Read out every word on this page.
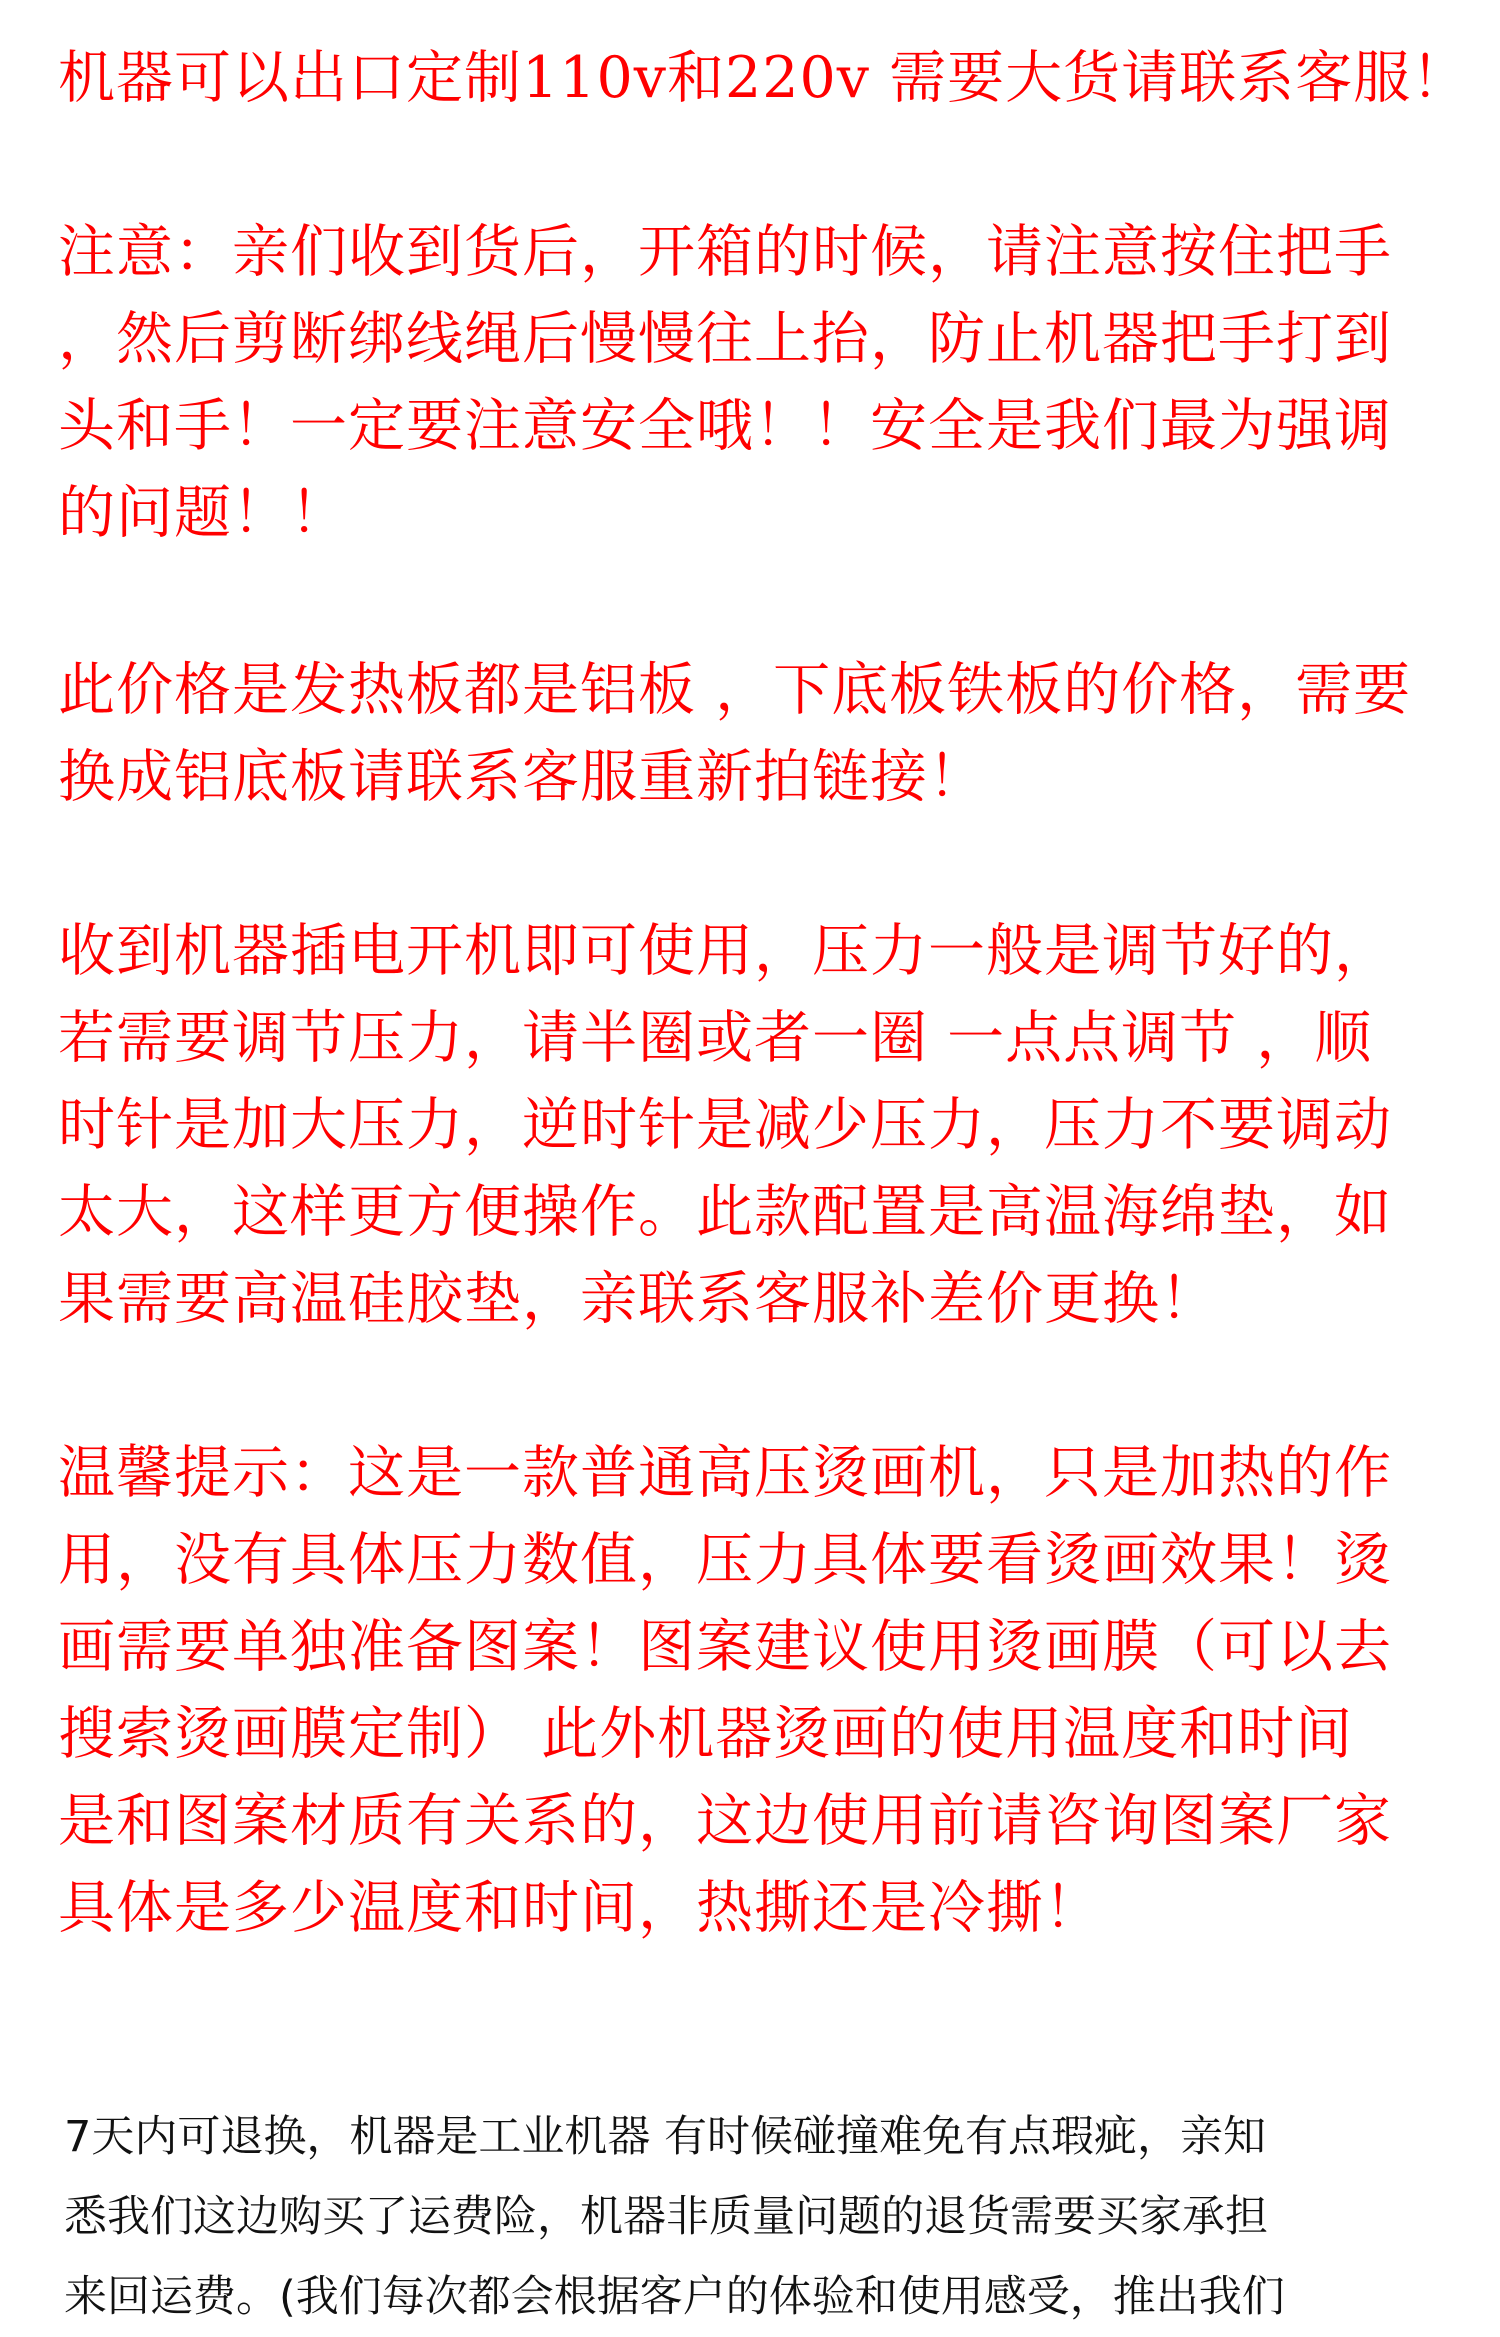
机器可以出口定制110v和220v 需要大货请联系客服！
注意：亲们收到货后，开箱的时候，请注意按住把手
，然后剪断绑线绳后慢慢往上抬，防止机器把手打到
头和手！一定要注意安全哦！！安全是我们最为强调
的问题！！
此价格是发热板都是铝板 ，下底板铁板的价格，需要
换成铝底板请联系客服重新拍链接！
收到机器插电开机即可使用，压力一般是调节好的，
若需要调节压力，请半圈或者一圈 一点点调节 ，顺
时针是加大压力，逆时针是减少压力，压力不要调动
太大，这样更方便操作。此款配置是高温海绵垫，如
果需要高温硅胶垫，亲联系客服补差价更换！
温馨提示：这是一款普通高压烫画机，只是加热的作
用，没有具体压力数值，压力具体要看烫画效果！烫
画需要单独准备图案！图案建议使用烫画膜（可以去
搜索烫画膜定制） 此外机器烫画的使用温度和时间
是和图案材质有关系的，这边使用前请咨询图案厂家
具体是多少温度和时间，热撕还是冷撕！
7天内可退换，机器是工业机器 有时候碰撞难免有点瑕疵，亲知
悉我们这边购买了运费险，机器非质量问题的退货需要买家承担
来回运费。(我们每次都会根据客户的体验和使用感受，推出我们
